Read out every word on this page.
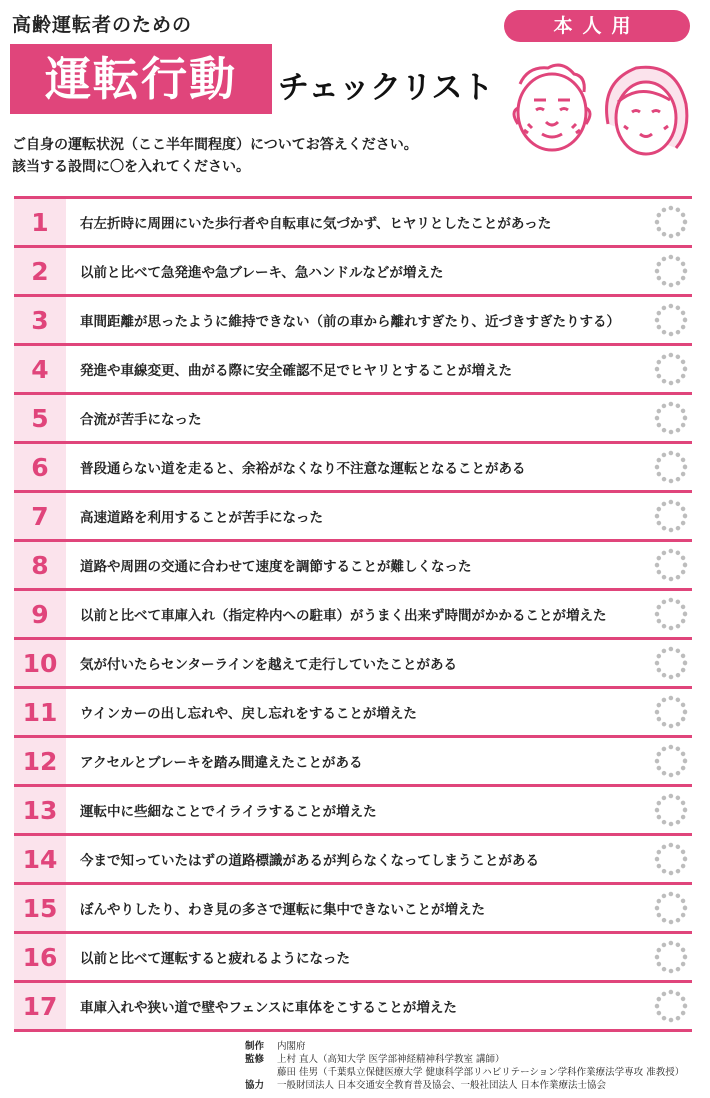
高齢運転者のための	本人用
運転行動	チェックリスト
ご自身の運転状況（ここ半年間程度）についてお答えください。
該当する設問に〇を入れてください。
1	右左折時に周囲にいた歩行者や自転車に気づかず、ヒヤリとしたことがあった
2	以前と比べて急発進や急ブレーキ、急ハンドルなどが増えた
3	車間距離が思ったように維持できない（前の車から離れすぎたり、近づきすぎたりする）
4	発進や車線変更、曲がる際に安全確認不足でヒヤリとすることが増えた
5	合流が苦手になった
6	普段通らない道を走ると、余裕がなくなり不注意な運転となることがある
7	高速道路を利用することが苦手になった
8	道路や周囲の交通に合わせて速度を調節することが難しくなった
9	以前と比べて車庫入れ（指定枠内への駐車）がうまく出来ず時間がかかることが増えた
10	気が付いたらセンターラインを越えて走行していたことがある
11	ウインカーの出し忘れや、戻し忘れをすることが増えた
12	アクセルとブレーキを踏み間違えたことがある
13	運転中に些細なことでイライラすることが増えた
14	今まで知っていたはずの道路標識があるが判らなくなってしまうことがある
15	ぼんやりしたり、わき見の多さで運転に集中できないことが増えた
16	以前と比べて運転すると疲れるようになった
17	車庫入れや狭い道で壁やフェンスに車体をこすることが増えた
制作	内閣府
監修	上村 直人（高知大学 医学部神経精神科学教室 講師）
藤田 佳男（千葉県立保健医療大学 健康科学部リハビリテーション学科作業療法学専攻 准教授）
協力	一般財団法人 日本交通安全教育普及協会、一般社団法人 日本作業療法士協会
